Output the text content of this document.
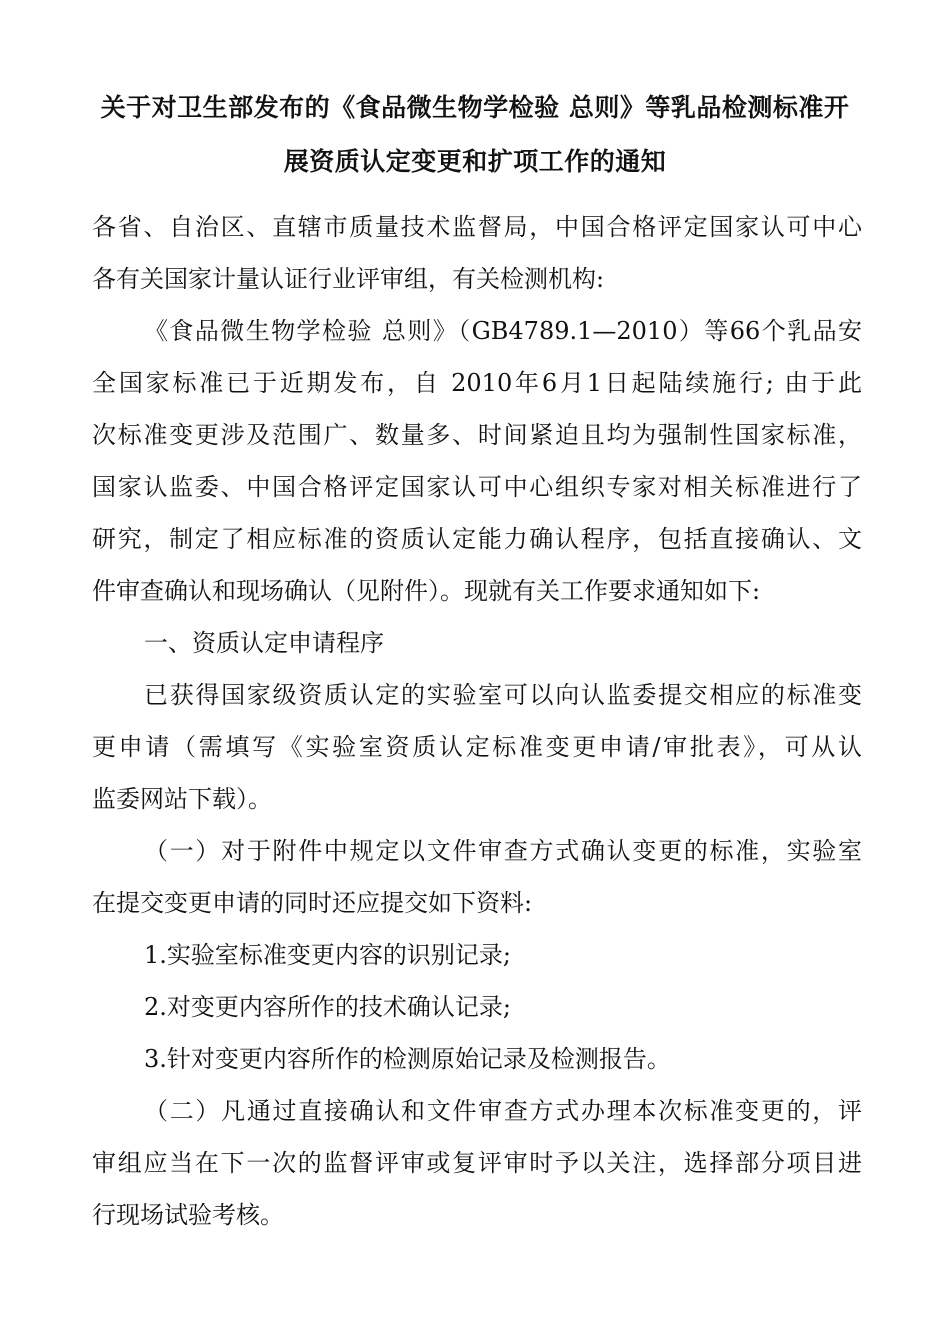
关于对卫生部发布的《食品微生物学检验 总则》等乳品检测标准开
展资质认定变更和扩项工作的通知
各省、自治区、直辖市质量技术监督局，中国合格评定国家认可中心
各有关国家计量认证行业评审组，有关检测机构:
《食品微生物学检验 总则》（GB4789.1—2010）等66个乳品安
全国家标准已于近期发布，自 2010年6月1日起陆续施行; 由于此
次标准变更涉及范围广、数量多、时间紧迫且均为强制性国家标准，
国家认监委、中国合格评定国家认可中心组织专家对相关标准进行了
研究，制定了相应标准的资质认定能力确认程序，包括直接确认、文
件审查确认和现场确认（见附件）。现就有关工作要求通知如下:
一、资质认定申请程序
已获得国家级资质认定的实验室可以向认监委提交相应的标准变
更申请（需填写《实验室资质认定标准变更申请/审批表》，可从认
监委网站下载）。
（一）对于附件中规定以文件审查方式确认变更的标准，实验室
在提交变更申请的同时还应提交如下资料:
1.实验室标准变更内容的识别记录;
2.对变更内容所作的技术确认记录;
3.针对变更内容所作的检测原始记录及检测报告。
（二）凡通过直接确认和文件审查方式办理本次标准变更的，评
审组应当在下一次的监督评审或复评审时予以关注，选择部分项目进
行现场试验考核。
